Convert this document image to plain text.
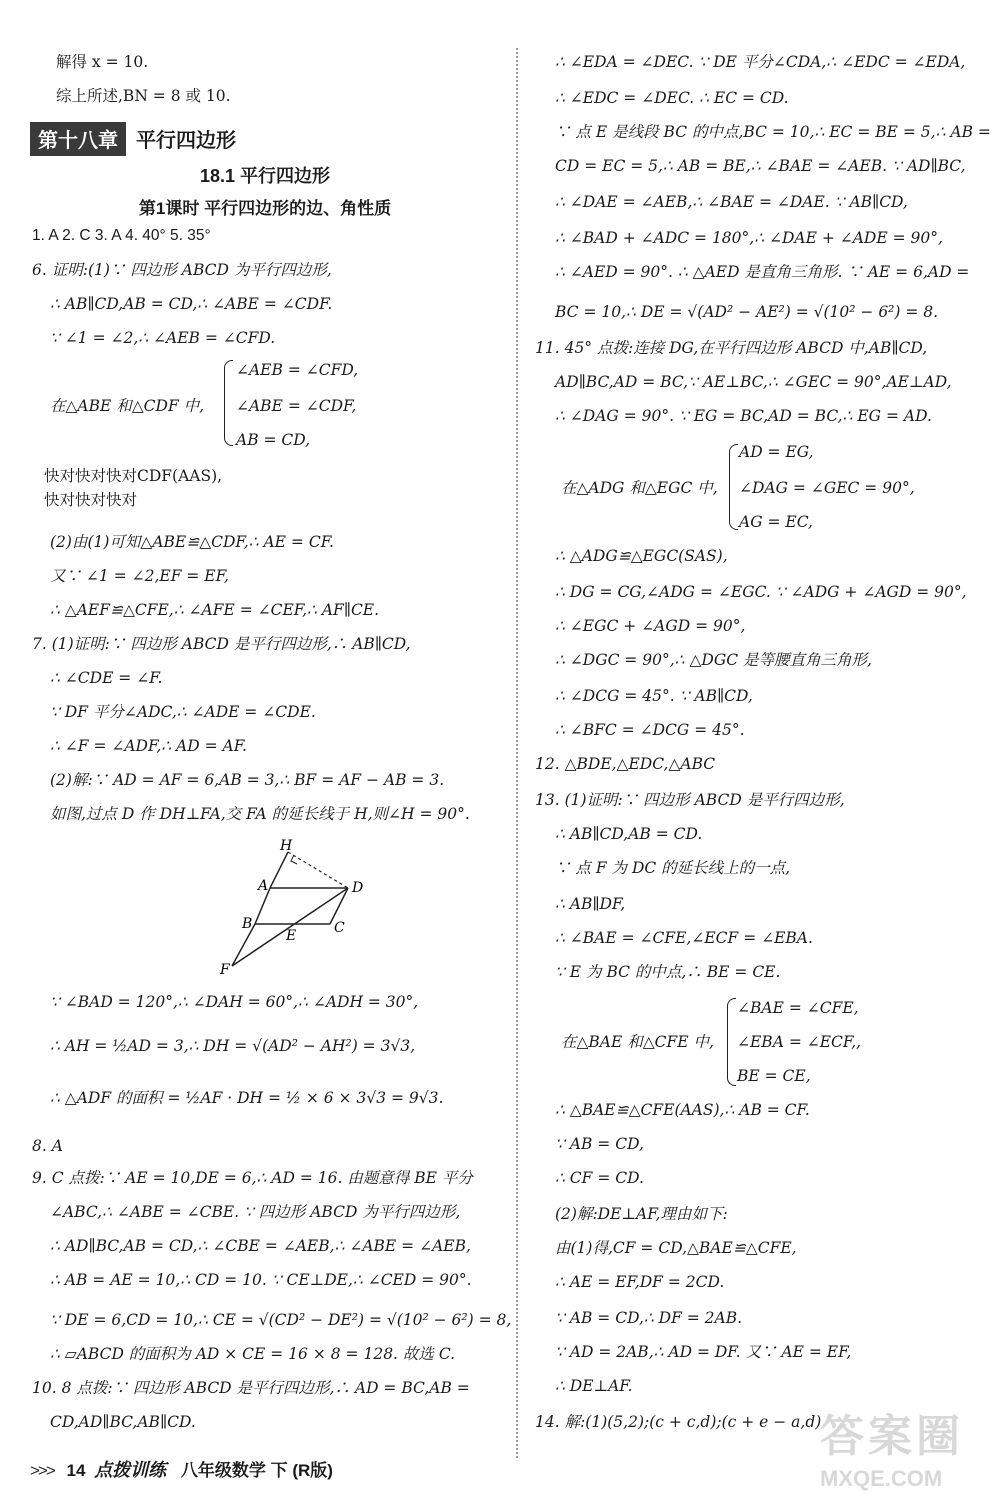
解得 x = 10.
综上所述,BN = 8 或 10.
第十八章 平行四边形
18.1 平行四边形
第1课时 平行四边形的边、角性质
1. A 2. C 3. A 4. 40° 5. 35°
6. 证明:(1)∵ 四边形 ABCD 为平行四边形,
∴ AB∥CD,AB = CD,∴ ∠ABE = ∠CDF.
∵ ∠1 = ∠2,∴ ∠AEB = ∠CFD.
在△ABE 和△CDF 中,
∠AEB = ∠CFD,
∠ABE = ∠CDF,
AB = CD,
快对快对快对CDF(AAS),
快对快对快对
(2)由(1)可知△ABE≌△CDF,∴ AE = CF.
又∵ ∠1 = ∠2,EF = EF,
∴ △AEF≌△CFE,∴ ∠AFE = ∠CEF,∴ AF∥CE.
7. (1)证明:∵ 四边形 ABCD 是平行四边形,∴ AB∥CD,
∴ ∠CDE = ∠F.
∵ DF 平分∠ADC,∴ ∠ADE = ∠CDE.
∴ ∠F = ∠ADF,∴ AD = AF.
(2)解:∵ AD = AF = 6,AB = 3,∴ BF = AF − AB = 3.
如图,过点 D 作 DH⊥FA,交 FA 的延长线于 H,则∠H = 90°.
H
A	D
B	C
E
F
∵ ∠BAD = 120°,∴ ∠DAH = 60°,∴ ∠ADH = 30°,
∴ AH = ½AD = 3,∴ DH = √(AD² − AH²) = 3√3,
∴ △ADF 的面积 = ½AF · DH = ½ × 6 × 3√3 = 9√3.
8. A
9. C 点拨:∵ AE = 10,DE = 6,∴ AD = 16. 由题意得 BE 平分
∠ABC,∴ ∠ABE = ∠CBE. ∵ 四边形 ABCD 为平行四边形,
∴ AD∥BC,AB = CD,∴ ∠CBE = ∠AEB,∴ ∠ABE = ∠AEB,
∴ AB = AE = 10,∴ CD = 10. ∵ CE⊥DE,∴ ∠CED = 90°.
∵ DE = 6,CD = 10,∴ CE = √(CD² − DE²) = √(10² − 6²) = 8,
∴ ▱ABCD 的面积为 AD × CE = 16 × 8 = 128. 故选 C.
10. 8 点拨:∵ 四边形 ABCD 是平行四边形,∴ AD = BC,AB =
CD,AD∥BC,AB∥CD.
∴ ∠EDA = ∠DEC. ∵ DE 平分∠CDA,∴ ∠EDC = ∠EDA,
∴ ∠EDC = ∠DEC. ∴ EC = CD.
∵ 点 E 是线段 BC 的中点,BC = 10,∴ EC = BE = 5,∴ AB =
CD = EC = 5,∴ AB = BE,∴ ∠BAE = ∠AEB. ∵ AD∥BC,
∴ ∠DAE = ∠AEB,∴ ∠BAE = ∠DAE. ∵ AB∥CD,
∴ ∠BAD + ∠ADC = 180°,∴ ∠DAE + ∠ADE = 90°,
∴ ∠AED = 90°. ∴ △AED 是直角三角形. ∵ AE = 6,AD =
BC = 10,∴ DE = √(AD² − AE²) = √(10² − 6²) = 8.
11. 45° 点拨:连接 DG,在平行四边形 ABCD 中,AB∥CD,
AD∥BC,AD = BC,∵ AE⊥BC,∴ ∠GEC = 90°,AE⊥AD,
∴ ∠DAG = 90°. ∵ EG = BC,AD = BC,∴ EG = AD.
AD = EG,
在△ADG 和△EGC 中, ∠DAG = ∠GEC = 90°,
AG = EC,
∴ △ADG≌△EGC(SAS),
∴ DG = CG,∠ADG = ∠EGC. ∵ ∠ADG + ∠AGD = 90°,
∴ ∠EGC + ∠AGD = 90°,
∴ ∠DGC = 90°,∴ △DGC 是等腰直角三角形,
∴ ∠DCG = 45°. ∵ AB∥CD,
∴ ∠BFC = ∠DCG = 45°.
12. △BDE,△EDC,△ABC
13. (1)证明:∵ 四边形 ABCD 是平行四边形,
∴ AB∥CD,AB = CD.
∵ 点 F 为 DC 的延长线上的一点,
∴ AB∥DF,
∴ ∠BAE = ∠CFE,∠ECF = ∠EBA.
∵ E 为 BC 的中点,∴ BE = CE.
∠BAE = ∠CFE,
在△BAE 和△CFE 中, ∠EBA = ∠ECF,,
BE = CE,
∴ △BAE≌△CFE(AAS),∴ AB = CF.
∵ AB = CD,
∴ CF = CD.
(2)解:DE⊥AF,理由如下:
由(1)得,CF = CD,△BAE≌△CFE,
∴ AE = EF,DF = 2CD.
∵ AB = CD,∴ DF = 2AB.
∵ AD = 2AB,∴ AD = DF. 又∵ AE = EF,
∴ DE⊥AF.
14. 解:(1)(5,2);(c + c,d);(c + e − a,d)
>>> 14 点拨训练 八年级数学 下 (R版)
答案圈
MXQE.COM
